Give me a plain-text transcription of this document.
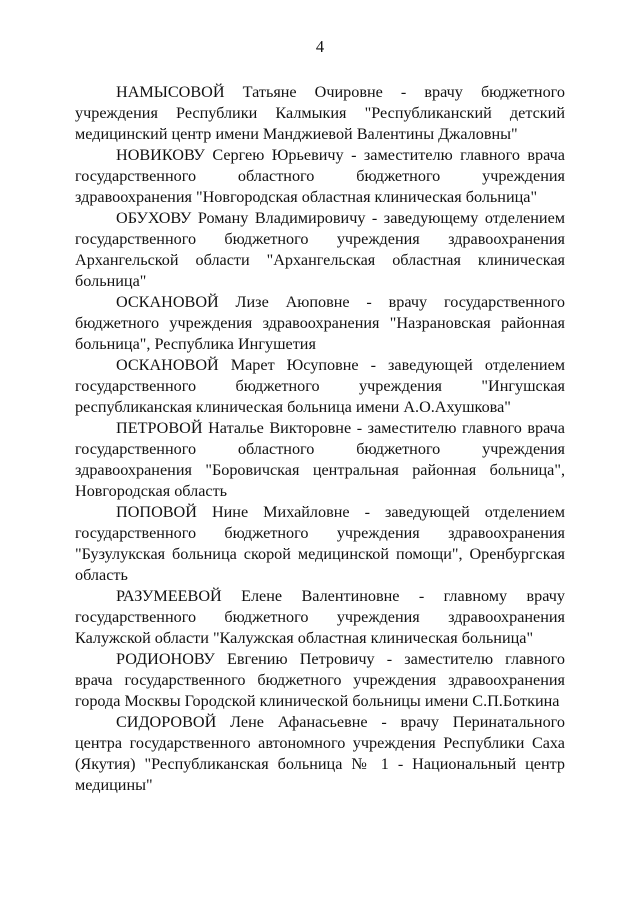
4

НАМЫСОВОЙ Татьяне Очировне - врачу бюджетного учреждения Республики Калмыкия "Республиканский детский медицинский центр имени Манджиевой Валентины Джаловны"

НОВИКОВУ Сергею Юрьевичу - заместителю главного врача государственного областного бюджетного учреждения здравоохранения "Новгородская областная клиническая больница"

ОБУХОВУ Роману Владимировичу - заведующему отделением государственного бюджетного учреждения здравоохранения Архангельской области "Архангельская областная клиническая больница"

ОСКАНОВОЙ Лизе Аюповне - врачу государственного бюджетного учреждения здравоохранения "Назрановская районная больница", Республика Ингушетия

ОСКАНОВОЙ Марет Юсуповне - заведующей отделением государственного бюджетного учреждения "Ингушская республиканская клиническая больница имени А.О.Ахушкова"

ПЕТРОВОЙ Наталье Викторовне - заместителю главного врача государственного областного бюджетного учреждения здравоохранения "Боровичская центральная районная больница", Новгородская область

ПОПОВОЙ Нине Михайловне - заведующей отделением государственного бюджетного учреждения здравоохранения "Бузулукская больница скорой медицинской помощи", Оренбургская область

РАЗУМЕЕВОЙ Елене Валентиновне - главному врачу государственного бюджетного учреждения здравоохранения Калужской области "Калужская областная клиническая больница"

РОДИОНОВУ Евгению Петровичу - заместителю главного врача государственного бюджетного учреждения здравоохранения города Москвы Городской клинической больницы имени С.П.Боткина

СИДОРОВОЙ Лене Афанасьевне - врачу Перинатального центра государственного автономного учреждения Республики Саха (Якутия) "Республиканская больница № 1 - Национальный центр медицины"
